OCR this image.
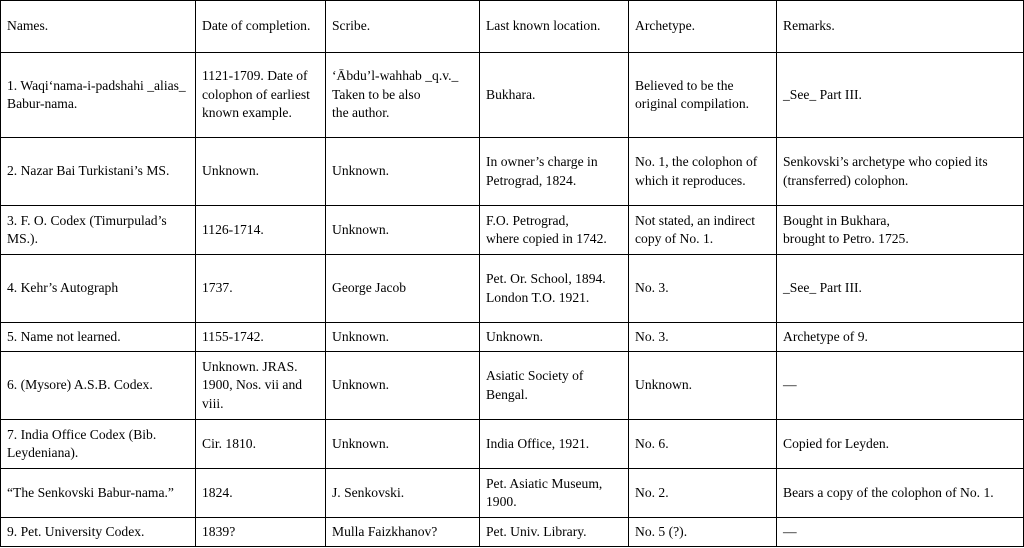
Names.	Date of completion.	Scribe.	Last known location.	Archetype.	Remarks.
1. Waqi‘nama-i-padshahi _alias_ Babur-nama.	1121-1709. Date of colophon of earliest known example.	‘Ābdu’l-wahhab _q.v._ Taken to be also
the author.	Bukhara.	Believed to be the original compilation.	_See_ Part III.
2. Nazar Bai Turkistani’s MS.	Unknown.	Unknown.	In owner’s charge in Petrograd, 1824.	No. 1, the colophon of
which it reproduces.	Senkovski’s archetype who copied its (transferred) colophon.
3. F. O. Codex (Timurpulad’s MS.).	1126-1714.	Unknown.	F.O. Petrograd,
where copied in 1742.	Not stated, an indirect copy of No. 1.	Bought in Bukhara,
brought to Petro. 1725.
4. Kehr’s Autograph	1737.	George Jacob	Pet. Or. School, 1894.
London T.O. 1921.	No. 3.	_See_ Part III.
5. Name not learned.	1155-1742.	Unknown.	Unknown.	No. 3.	Archetype of 9.
6. (Mysore) A.S.B. Codex.	Unknown. JRAS. 1900, Nos. vii and viii.	Unknown.	Asiatic Society of Bengal.	Unknown.	—
7. India Office Codex (Bib. Leydeniana).	Cir. 1810.	Unknown.	India Office, 1921.	No. 6.	Copied for Leyden.
“The Senkovski Babur-nama.”	1824.	J. Senkovski.	Pet. Asiatic Museum, 1900.	No. 2.	Bears a copy of the colophon of No. 1.
9. Pet. University Codex.	1839?	Mulla Faizkhanov?	Pet. Univ. Library.	No. 5 (?).	—
